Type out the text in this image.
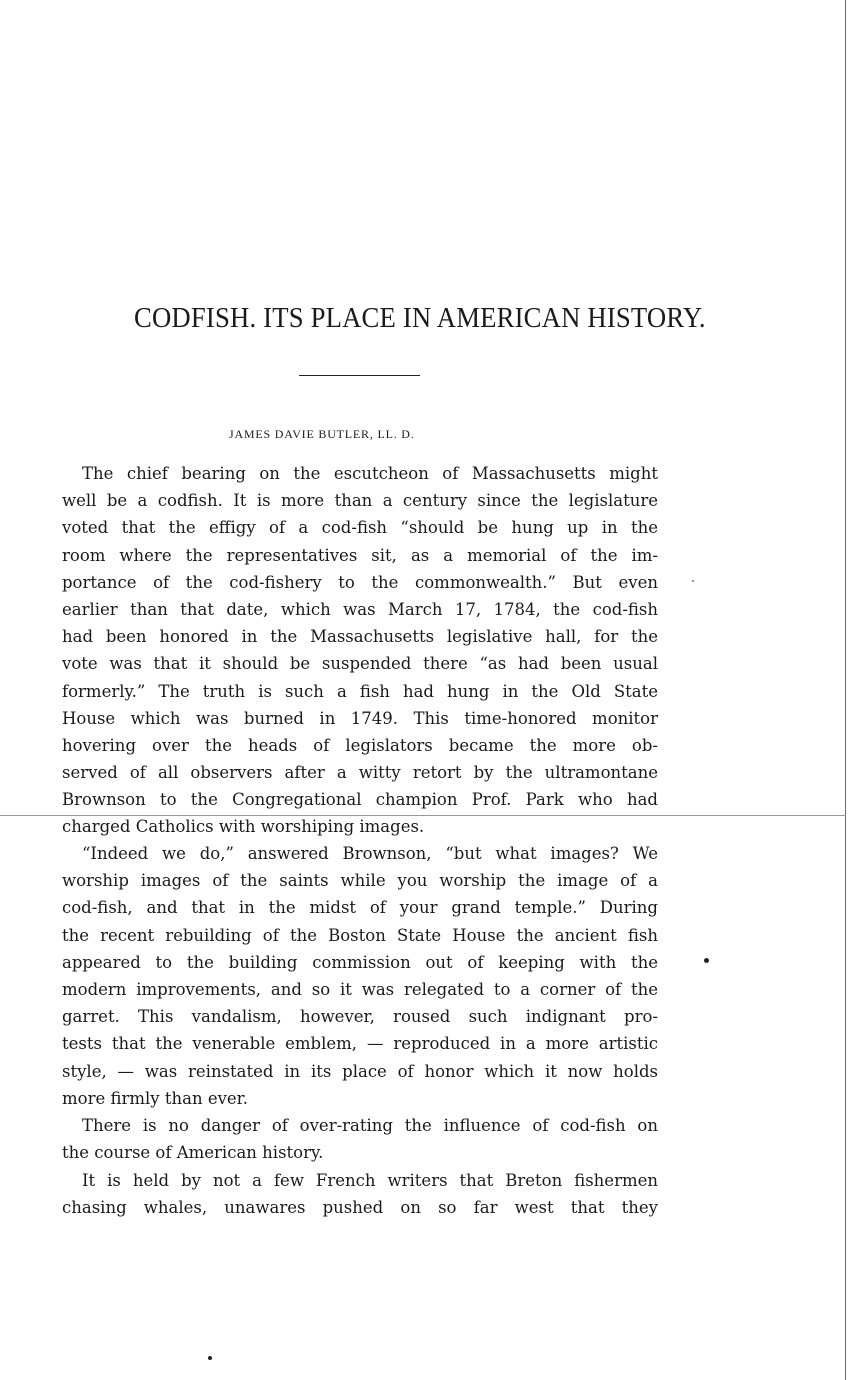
CODFISH. ITS PLACE IN AMERICAN HISTORY.
JAMES DAVIE BUTLER, LL. D.
The chief bearing on the escutcheon of Massachusetts might
well be a codfish. It is more than a century since the legislature
voted that the effigy of a cod-fish “should be hung up in the
room where the representatives sit, as a memorial of the im-
portance of the cod-fishery to the commonwealth.” But even
earlier than that date, which was March 17, 1784, the cod-fish
had been honored in the Massachusetts legislative hall, for the
vote was that it should be suspended there “as had been usual
formerly.” The truth is such a fish had hung in the Old State
House which was burned in 1749. This time-honored monitor
hovering over the heads of legislators became the more ob-
served of all observers after a witty retort by the ultramontane
Brownson to the Congregational champion Prof. Park who had
charged Catholics with worshiping images.
“Indeed we do,” answered Brownson, “but what images? We
worship images of the saints while you worship the image of a
cod-fish, and that in the midst of your grand temple.” During
the recent rebuilding of the Boston State House the ancient fish
appeared to the building commission out of keeping with the
modern improvements, and so it was relegated to a corner of the
garret. This vandalism, however, roused such indignant pro-
tests that the venerable emblem, — reproduced in a more artistic
style, — was reinstated in its place of honor which it now holds
more firmly than ever.
There is no danger of over-rating the influence of cod-fish on
the course of American history.
It is held by not a few French writers that Breton fishermen
chasing whales, unawares pushed on so far west that they
